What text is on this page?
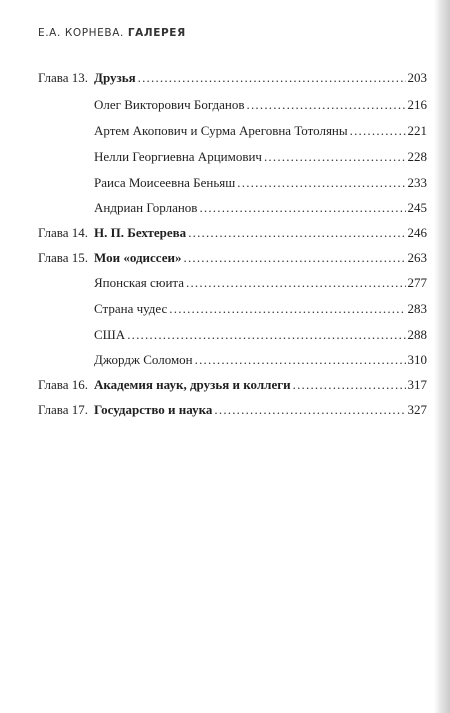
Е.А. КОРНЕВА. ГАЛЕРЕЯ
Глава 13. Друзья .....	203
Олег Викторович Богданов .....	216
Артем Акопович и Сурма Ареговна Тотоляны .....	221
Нелли Георгиевна Арцимович .....	228
Раиса Моисеевна Беньяш .....	233
Андриан Горланов .....	245
Глава 14. Н. П. Бехтерева .....	246
Глава 15. Мои «одиссеи» .....	263
Японская сюита .....	277
Страна чудес .....	283
США .....	288
Джордж Соломон .....	310
Глава 16. Академия наук, друзья и коллеги .....	317
Глава 17. Государство и наука .....	327
